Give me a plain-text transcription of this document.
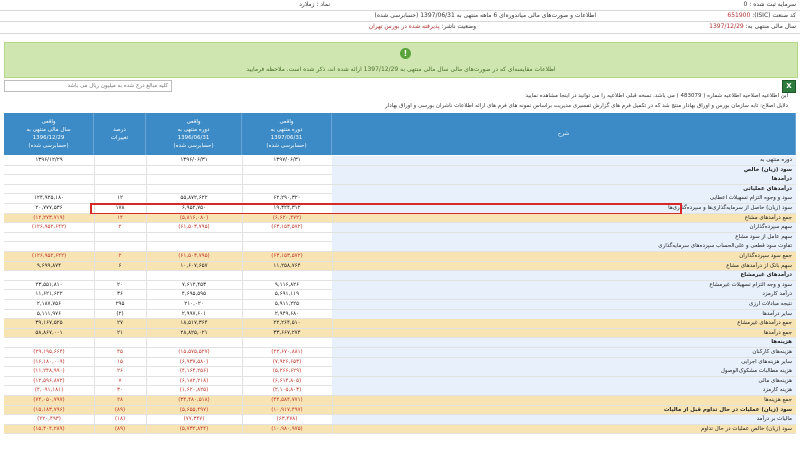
سرمایه ثبت شده : 0
نماد : زملارد
کد صنعت (ISIC): 651900
اطلاعات و صورت‌های مالی میاندوره‌ای 6 ماهه منتهی به 1397/06/31 (حسابرسی شده)
سال مالی منتهی به: 1397/12/29
وضعیت ناشر: پذیرفته شده در بورس تهران
!
اطلاعات مقایسه‌ای که در صورت‌های مالی سال مالی منتهی به 1397/12/29 ارائه شده اند، ذکر شده است. ملاحظه فرمایید
کلیه مبالغ درج شده به میلیون ریال می باشد
X
این اطلاعیه اصلاحیه اطلاعیه شماره ( 483079 ) می باشد. نسخه قبلی اطلاعیه را می توانید در اینجا مشاهده نمایید
دلایل اصلاح: تابه سازمان بورس و اوراق بهادار منتج شد که در تکمیل فرم های گزارش تفسیری مدیریت براساس نمونه های فرم های ارائه اطلاعات ناشران بورسی و اوراق بهادار
واقعی
سال مالی منتهی به
1396/12/29
(حسابرسی شده)
درصد
تغییرات
واقعی
دوره منتهی به
1396/06/31
(حسابرسی شده)
واقعی
دوره منتهی به
1397/06/31
(حسابرسی شده)
شرح
۱۳۹۶/۱۲/۲۹	۱۳۹۶/۰۶/۳۱	۱۳۹۷/۰۶/۳۱	دوره منتهی به
سود (زیان) خالص
درآمدها
درآمدهای عملیاتی
۱۲۴,۹۲۵,۱۸۰	۱۲	۵۵,۸۷۲,۶۲۲	۶۲,۲۹۰,۳۲۰	سود و وجوه التزام تسهیلات اعطایی
۲۰,۷۷۷,۵۳۶	۱۷۸	۶,۹۵۲,۷۵۰	۱۹,۳۲۴,۳۱۲	سود (زیان) حاصل از سرمایه‌گذاری‌ها و سپرده‌گذاری‌ها
(۱۲,۲۷۳,۷۱۹)	۱۴	(۵,۸۱۶,۰۸۰)	(۶,۶۲۰,۴۷۲)	جمع درآمدهای مشاع
(۱۲۶,۹۵۲,۶۴۲)	۲	(۶۱,۵۰۳,۷۹۵)	(۶۳,۱۵۳,۵۷۲)	سهم سپرده‌گذاران
سهم عامل از سود مشاع
تفاوت سود قطعی و علی‌الحساب سپرده‌های سرمایه‌گذاری
(۱۲۶,۹۵۲,۶۴۲)	۲	(۶۱,۵۰۳,۷۹۵)	(۶۳,۱۵۳,۵۷۲)	جمع سود سپرده‌گذاران
۹,۶۹۹,۸۷۴	۶	۱۰,۶۰۷,۶۵۷	۱۱,۲۵۸,۷۶۴	سهم بانک از درآمدهای مشاع
درآمدهای غیرمشاع
۲۳,۵۵۱,۸۱۰	۲۰	۷,۶۱۲,۴۵۳	۹,۱۱۶,۸۲۶	سود و وجه التزام تسهیلات غیرمشاع
۱۱,۶۲۱,۶۲۲	۳۶	۴,۶۹۵,۵۹۵	۵,۶۹۱,۱۱۹	درآمد کارمزد
۲,۱۸۷,۷۵۶	۲۹۵	۲۱۰,۰۲۰	۵,۹۱۱,۲۲۵	نتیجه مبادلات ارزی
۵,۱۱۱,۹۷۶	(۲)	۲,۹۹۷,۶۰۱	۲,۹۴۹,۶۸۰	سایر درآمدها
۳۹,۱۶۷,۵۲۵	۲۷	۱۸,۵۱۷,۳۶۴	۲۲,۲۶۴,۵۱۰	جمع درآمدهای غیرمشاع
۵۸,۸۶۷,۰۰۱	۲۱	۲۸,۸۲۵,۰۲۱	۳۳,۶۶۷,۲۷۴	جمع درآمدها
هزینه‌ها
(۲۹,۱۹۵,۶۶۴)	۴۵	(۱۵,۵۷۵,۵۲۷)	(۲۲,۶۷۰,۸۸۱)	هزینه‌های کارکنان
(۱۶,۱۸۰,۰۰۹)	۱۵	(۶,۹۳۷,۵۸۰)	(۷,۹۲۶,۶۵۳)	سایر هزینه‌های اجرایی
(۱۱,۲۴۸,۹۹۰)	۲۶	(۴,۱۶۴,۲۵۶)	(۵,۲۶۶,۶۲۹)	هزینه مطالبات مشکوک‌الوصول
(۱۲,۵۹۶,۸۷۲)	۷	(۶,۱۸۲,۲۱۸)	(۶,۶۱۴,۸۰۵)	هزینه‌های مالی
(۴,۰۹۱,۱۸۱)	۳۰	(۱,۶۲۰,۸۲۵)	(۲,۱۰۵,۸۰۳)	هزینه کارمزد
(۷۴,۰۵۰,۷۹۷)	۲۸	(۳۴,۴۸۰,۵۱۸)	(۴۴,۵۸۴,۷۷۱)	جمع هزینه‌ها
(۱۵,۱۸۳,۷۹۶)	(۸۹)	(۵,۶۵۵,۴۹۷)	(۱۰,۹۱۷,۴۹۷)	سود (زیان) عملیات در حال تداوم قبل از مالیات
(۲۲۰,۴۹۳)	(۱۸)	(۷۷,۳۴۷)	(۶۳,۴۷۸)	مالیات بر درآمد
(۱۵,۴۰۴,۲۸۹)	(۸۹)	(۵,۷۳۲,۸۴۴)	(۱۰,۹۸۰,۹۷۵)	سود (زیان) خالص عملیات در حال تداوم
